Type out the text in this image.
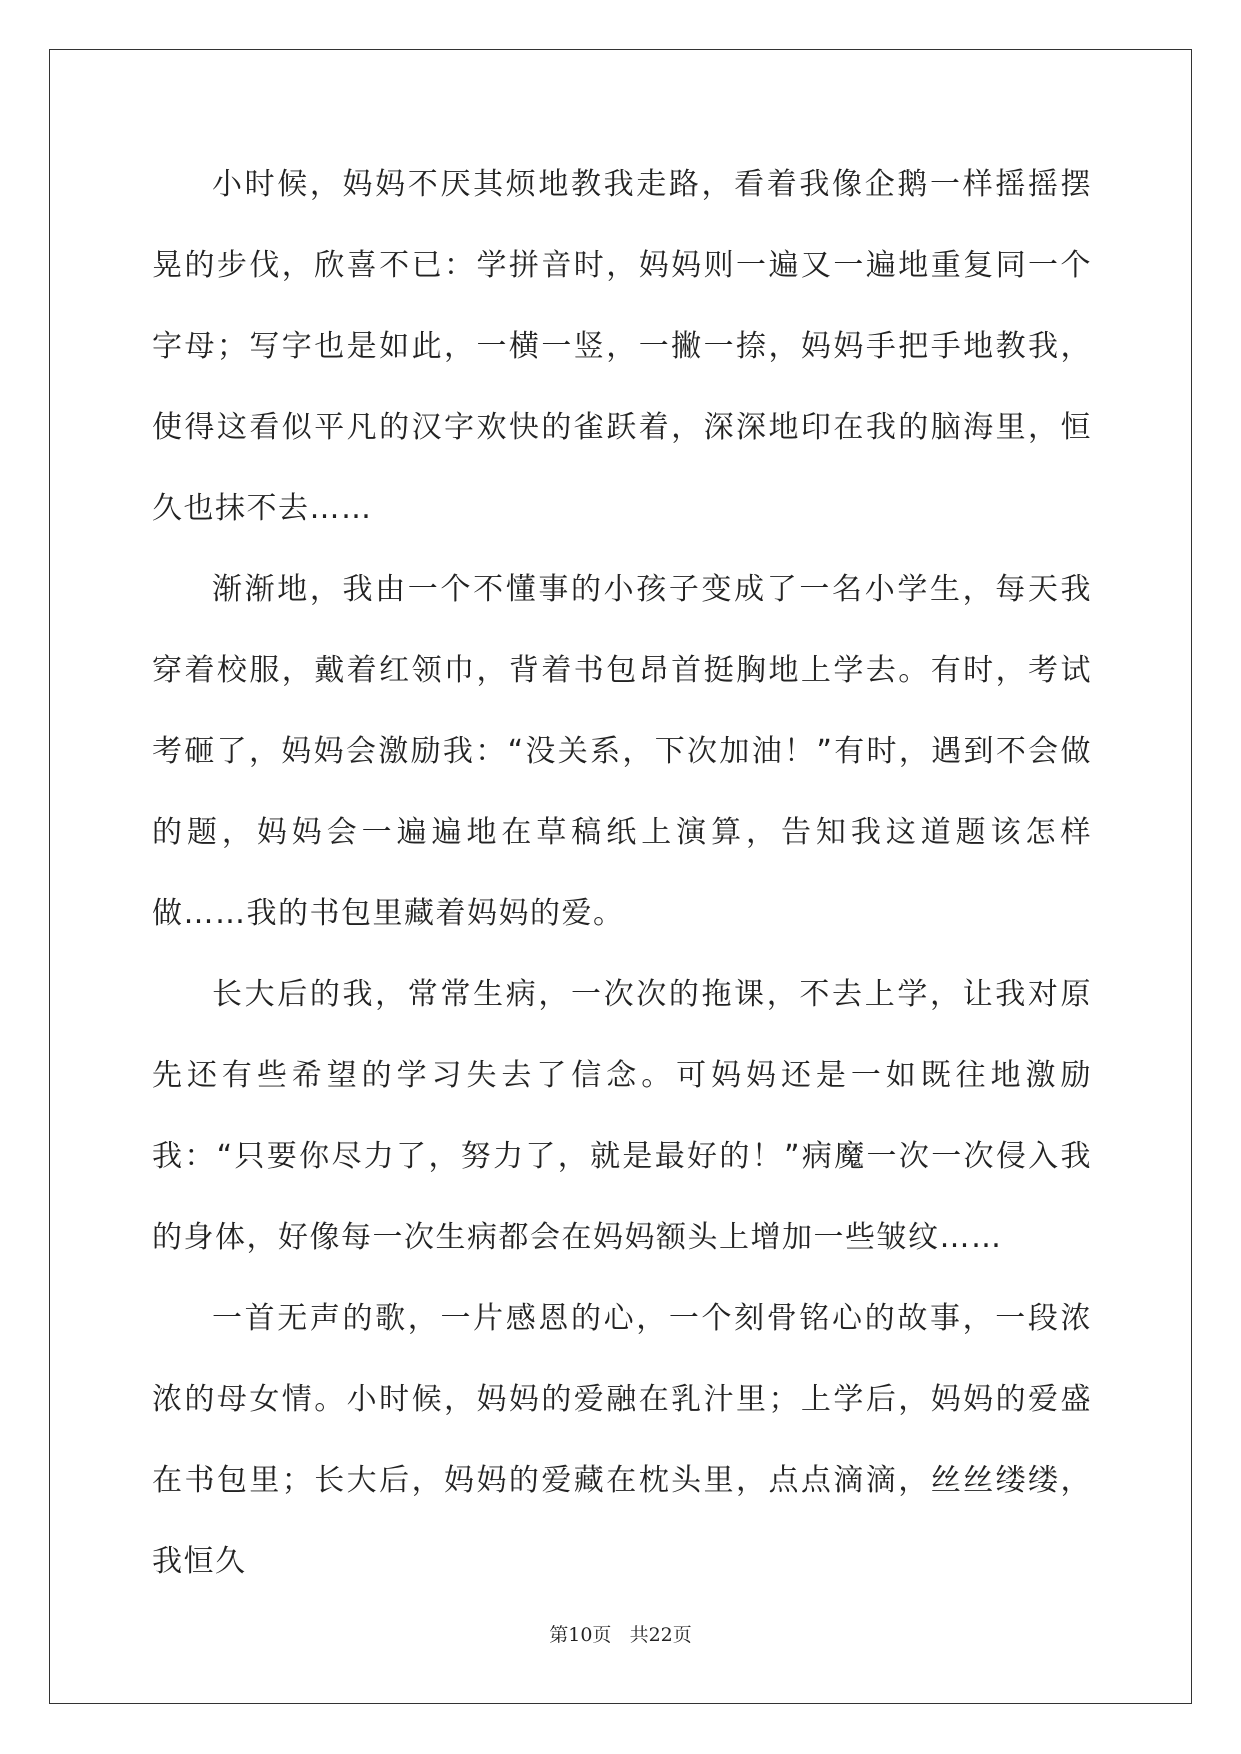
小时候，妈妈不厌其烦地教我走路，看着我像企鹅一样摇摇摆晃的步伐，欣喜不已：学拼音时，妈妈则一遍又一遍地重复同一个字母；写字也是如此，一横一竖，一撇一捺，妈妈手把手地教我，使得这看似平凡的汉字欢快的雀跃着，深深地印在我的脑海里，恒久也抹不去……

渐渐地，我由一个不懂事的小孩子变成了一名小学生，每天我穿着校服，戴着红领巾，背着书包昂首挺胸地上学去。有时，考试考砸了，妈妈会激励我：“没关系，下次加油！”有时，遇到不会做的题，妈妈会一遍遍地在草稿纸上演算，告知我这道题该怎样做……我的书包里藏着妈妈的爱。

长大后的我，常常生病，一次次的拖课，不去上学，让我对原先还有些希望的学习失去了信念。可妈妈还是一如既往地激励我：“只要你尽力了，努力了，就是最好的！”病魔一次一次侵入我的身体，好像每一次生病都会在妈妈额头上增加一些皱纹……

一首无声的歌，一片感恩的心，一个刻骨铭心的故事，一段浓浓的母女情。小时候，妈妈的爱融在乳汁里；上学后，妈妈的爱盛在书包里；长大后，妈妈的爱藏在枕头里，点点滴滴，丝丝缕缕，我恒久

第10页 共22页
